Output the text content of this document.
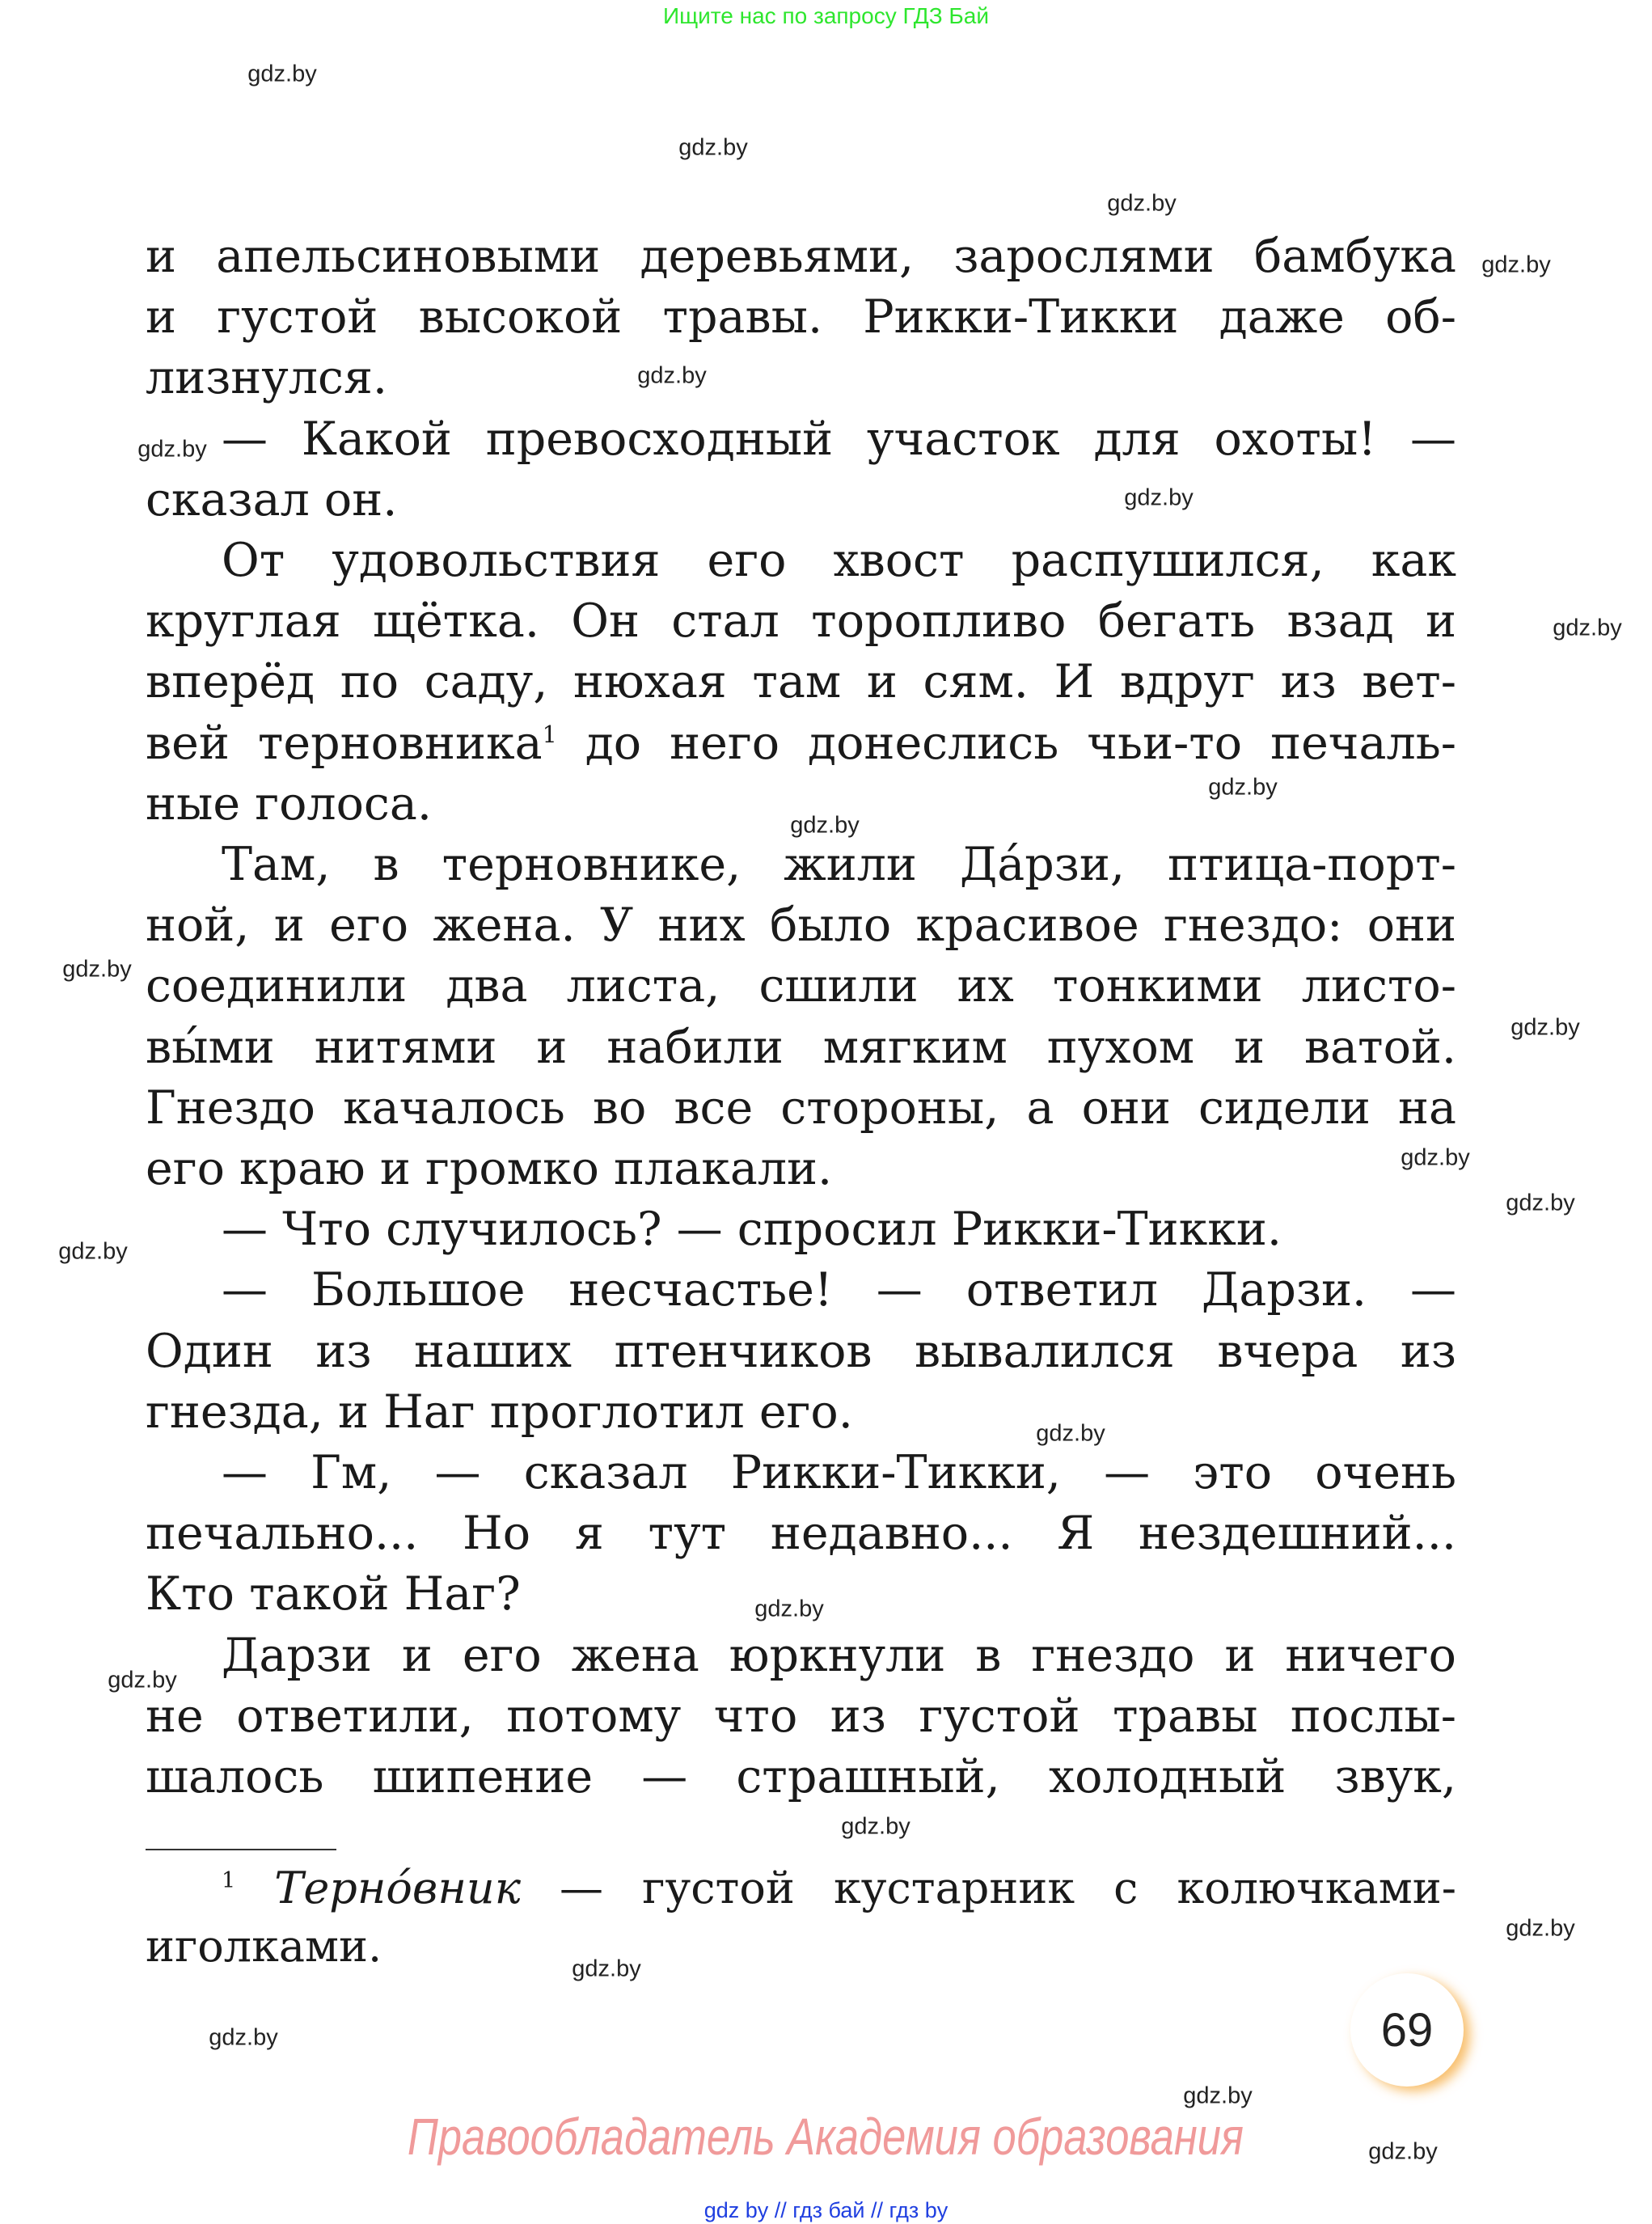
Ищите нас по запросу ГДЗ Бай
и апельсиновыми деревьями, зарослями бамбука
и густой высокой травы. Рикки-Тикки даже об-
лизнулся.
— Какой превосходный участок для охоты! —
сказал он.
От удовольствия его хвост распушился, как
круглая щётка. Он стал торопливо бегать взад и
вперёд по саду, нюхая там и сям. И вдруг из вет-
вей терновника$^1$ до него донеслись чьи-то печаль-
ные голоса.
Там, в терновнике, жили Да́рзи, птица-порт-
ной, и его жена. У них было красивое гнездо: они
соединили два листа, сшили их тонкими листо-
вы́ми нитями и набили мягким пухом и ватой.
Гнездо качалось во все стороны, а они сидели на
его краю и громко плакали.
— Что случилось? — спросил Рикки-Тикки.
— Большое несчастье! — ответил Дарзи. —
Один из наших птенчиков вывалился вчера из
гнезда, и Наг проглотил его.
— Гм, — сказал Рикки-Тикки, — это очень
печально... Но я тут недавно... Я нездешний...
Кто такой Наг?
Дарзи и его жена юркнули в гнездо и ничего
не ответили, потому что из густой травы послы-
шалось шипение — страшный, холодный звук,
$^1$ Терно́вник — густой кустарник с колючками-
иголками.
69
Правообладатель Академия образования
gdz by // гдз бай // гдз by
gdz.by
gdz.by
gdz.by
gdz.by
gdz.by
gdz.by
gdz.by
gdz.by
gdz.by
gdz.by
gdz.by
gdz.by
gdz.by
gdz.by
gdz.by
gdz.by
gdz.by
gdz.by
gdz.by
gdz.by
gdz.by
gdz.by
gdz.by
gdz.by
